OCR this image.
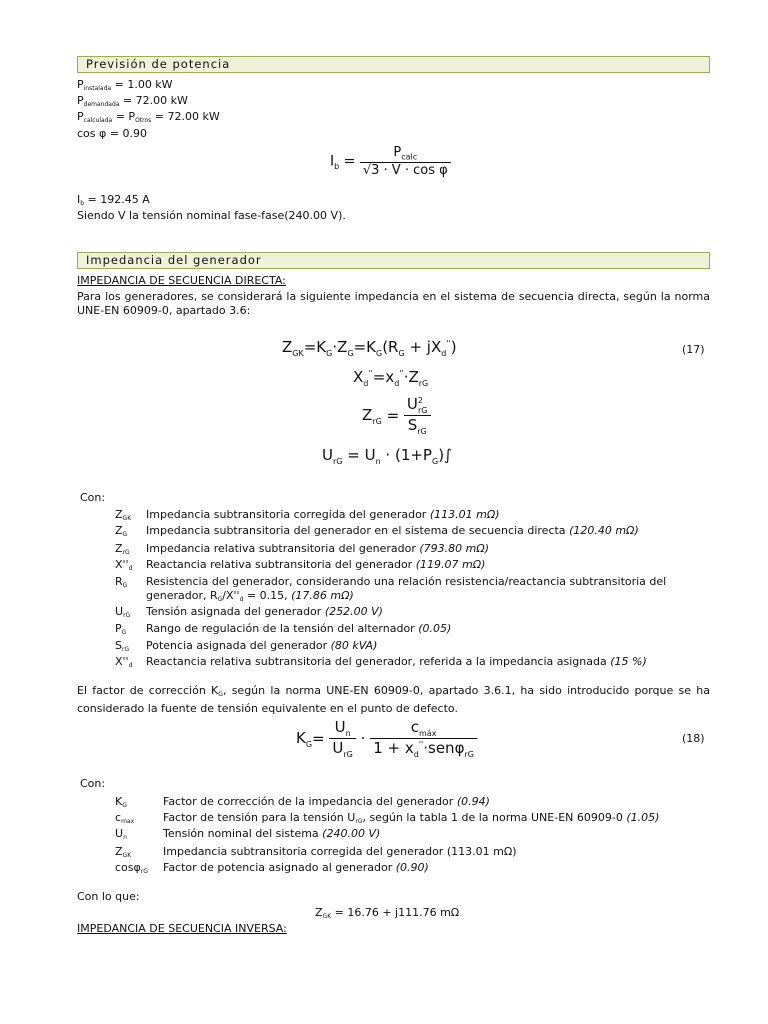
Previsión de potencia
$P_{instalada} = 1.00$ kW
$P_{demandada} = 72.00$ kW
$P_{calculada} = P_{Otros} = 72.00$ kW
cos φ = 0.90
$I_b = \frac{P_{calc}}{\text{√3 · V · cos φ}}$
$I_b = 192.45$ A
Siendo V la tensión nominal fase-fase(240.00 V).
Impedancia del generador
IMPEDANCIA DE SECUENCIA DIRECTA:
Para los generadores, se considerará la siguiente impedancia en el sistema de secuencia directa, según la norma UNE-EN 60909-0, apartado 3.6:
$Z_{GK}=K_G\cdot Z_G=K_G(R_G + jX_d'')$	(17)
$X_d''=x_d''\cdot Z_{rG}$
$Z_{rG} = \frac{U^2_{rG}}{S_{rG}}$
$U_{rG} = U_n \cdot (1+P_G)\int$
Con:
$Z_{GK}$ Impedancia subtransitoria corregida del generador (113.01 mΩ)
$Z_G$ Impedancia subtransitoria del generador en el sistema de secuencia directa (120.40 mΩ)
$Z_{rG}$ Impedancia relativa subtransitoria del generador (793.80 mΩ)
$X''_d$ Reactancia relativa subtransitoria del generador (119.07 mΩ)
$R_G$ Resistencia del generador, considerando una relación resistencia/reactancia subtransitoria del generador, $R_G/X''_d = 0.15$, (17.86 mΩ)
$U_{rG}$ Tensión asignada del generador (252.00 V)
$P_G$ Rango de regulación de la tensión del alternador (0.05)
$S_{rG}$ Potencia asignada del generador (80 kVA)
$X''_d$ Reactancia relativa subtransitoria del generador, referida a la impedancia asignada (15 %)
El factor de corrección $K_G$, según la norma UNE-EN 60909-0, apartado 3.6.1, ha sido introducido porque se ha considerado la fuente de tensión equivalente en el punto de defecto.
$K_G= \frac{U_n}{U_{rG}} \cdot \frac{c_{máx}}{1 + x_d''\cdot sen\varphi_{rG}}$	(18)
Con:
$K_G$	Factor de corrección de la impedancia del generador (0.94)
$c_{max}$	Factor de tensión para la tensión $U_{rG}$, según la tabla 1 de la norma UNE-EN 60909-0 (1.05)
$U_n$	Tensión nominal del sistema (240.00 V)
$Z_{GK}$	Impedancia subtransitoria corregida del generador (113.01 mΩ)
cosφ$_{rG}$ Factor de potencia asignado al generador (0.90)
Con lo que:
$Z_{GK} = 16.76 + j111.76$ mΩ
IMPEDANCIA DE SECUENCIA INVERSA:
